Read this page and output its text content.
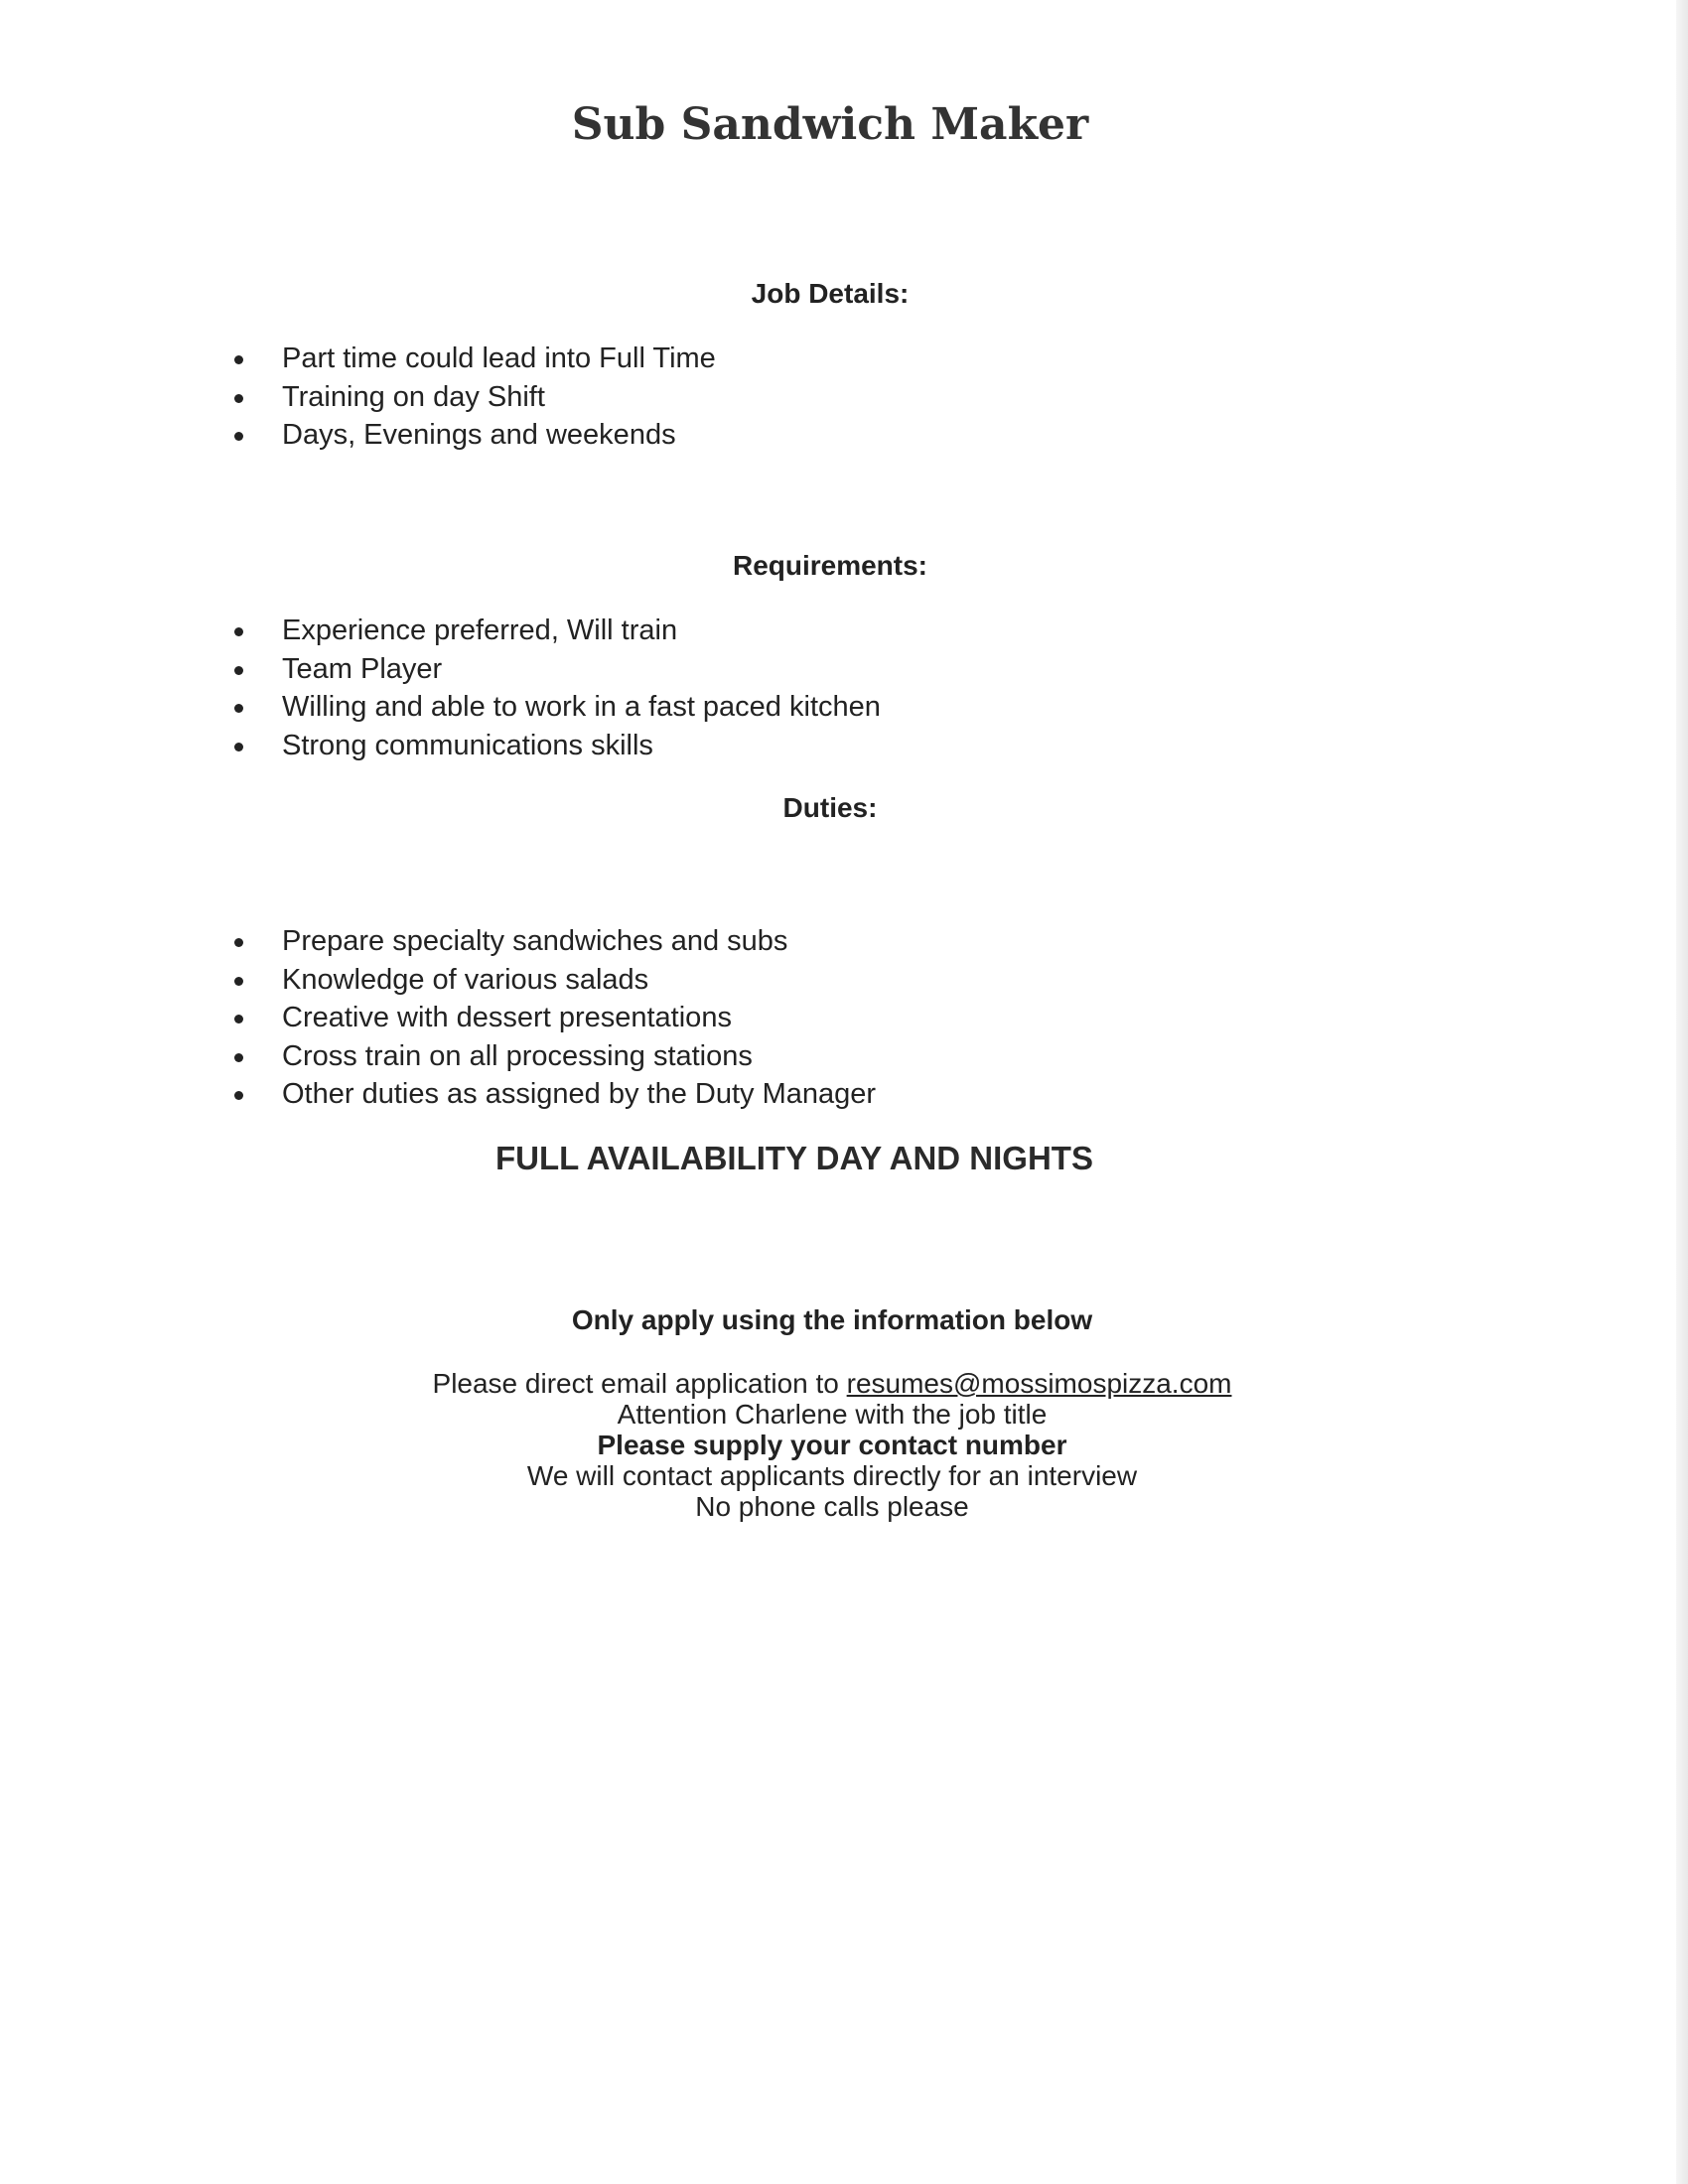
Sub Sandwich Maker
Job Details:
Part time could lead into Full Time
Training on day Shift
Days, Evenings and weekends
Requirements:
Experience preferred, Will train
Team Player
Willing and able to work in a fast paced kitchen
Strong communications skills
Duties:
Prepare specialty sandwiches and subs
Knowledge of various salads
Creative with dessert presentations
Cross train on all processing stations
Other duties as assigned by the Duty Manager

FULL AVAILABILITY DAY AND NIGHTS

Only apply using the information below
Please direct email application to resumes@mossimospizza.com
Attention Charlene with the job title
Please supply your contact number
We will contact applicants directly for an interview
No phone calls please
